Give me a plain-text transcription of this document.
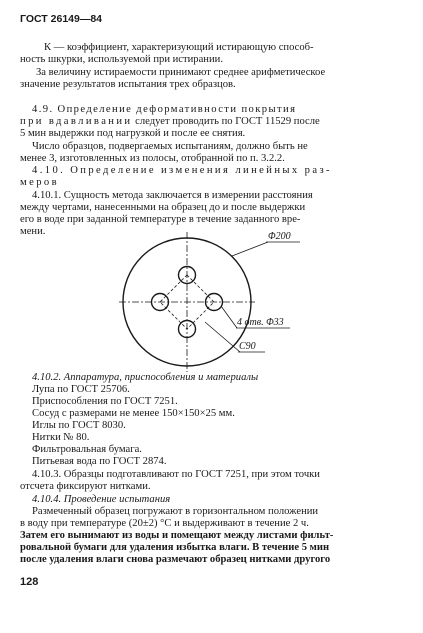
ГОСТ 26149—84
К — коэффициент, характеризующий истирающую способ-
ность шкурки, используемой при истирании.
За величину истираемости принимают среднее арифметическое
значение результатов испытания трех образцов.
4.9. Определение деформативности покрытия
при вдавливании следует проводить по ГОСТ 11529 после
5 мин выдержки под нагрузкой и после ее снятия.
Число образцов, подвергаемых испытаниям, должно быть не
менее 3, изготовленных из полосы, отобранной по п. 3.2.2.
4.10. Определение изменения линейных раз-
меров
4.10.1. Сущность метода заключается в измерении расстояния
между чертами, нанесенными на образец до и после выдержки
его в воде при заданной температуре в течение заданного вре-
мени.	Φ200
4 отв. Φ33
С90
4.10.2. Аппаратура, приспособления и материалы
Лупа по ГОСТ 25706.
Приспособления по ГОСТ 7251.
Сосуд с размерами не менее 150×150×25 мм.
Иглы по ГОСТ 8030.
Нитки № 80.
Фильтровальная бумага.
Питьевая вода по ГОСТ 2874.
4.10.3. Образцы подготавливают по ГОСТ 7251, при этом точки
отсчета фиксируют нитками.
4.10.4. Проведение испытания
Размеченный образец погружают в горизонтальном положении
в воду при температуре (20±2) °C и выдерживают в течение 2 ч.
Затем его вынимают из воды и помещают между листами фильт-
ровальной бумаги для удаления избытка влаги. В течение 5 мин
после удаления влаги снова размечают образец нитками другого
128
